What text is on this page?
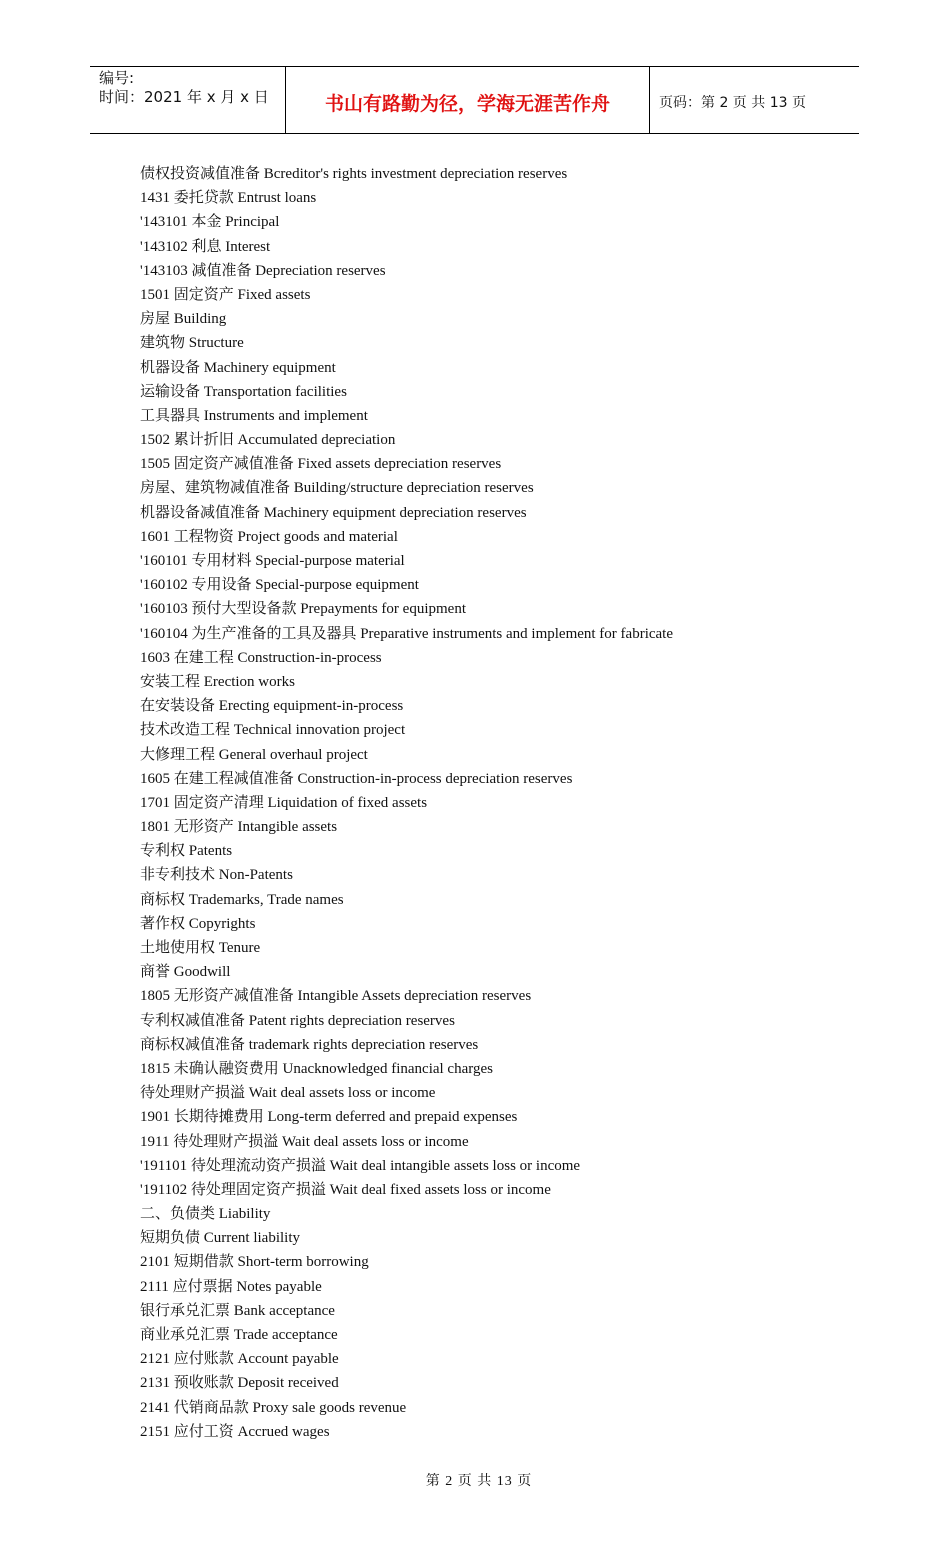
编号:
时间：2021 年 x 月 x 日	书山有路勤为径，学海无涯苦作舟	页码：第 2 页 共 13 页
债权投资减值准备 Bcreditor's rights investment depreciation reserves
1431 委托贷款 Entrust loans
'143101 本金 Principal
'143102 利息 Interest
'143103 减值准备 Depreciation reserves
1501 固定资产 Fixed assets
房屋 Building
建筑物 Structure
机器设备 Machinery equipment
运输设备 Transportation facilities
工具器具 Instruments and implement
1502 累计折旧 Accumulated depreciation
1505 固定资产减值准备 Fixed assets depreciation reserves
房屋、建筑物减值准备 Building/structure depreciation reserves
机器设备减值准备 Machinery equipment depreciation reserves
1601 工程物资 Project goods and material
'160101 专用材料 Special-purpose material
'160102 专用设备 Special-purpose equipment
'160103 预付大型设备款 Prepayments for equipment
'160104 为生产准备的工具及器具 Preparative instruments and implement for fabricate
1603 在建工程 Construction-in-process
安装工程 Erection works
在安装设备 Erecting equipment-in-process
技术改造工程 Technical innovation project
大修理工程 General overhaul project
1605 在建工程减值准备 Construction-in-process depreciation reserves
1701 固定资产清理 Liquidation of fixed assets
1801 无形资产 Intangible assets
专利权 Patents
非专利技术 Non-Patents
商标权 Trademarks, Trade names
著作权 Copyrights
土地使用权 Tenure
商誉 Goodwill
1805 无形资产减值准备 Intangible Assets depreciation reserves
专利权减值准备 Patent rights depreciation reserves
商标权减值准备 trademark rights depreciation reserves
1815 未确认融资费用 Unacknowledged financial charges
待处理财产损溢 Wait deal assets loss or income
1901 长期待摊费用 Long-term deferred and prepaid expenses
1911 待处理财产损溢 Wait deal assets loss or income
'191101 待处理流动资产损溢 Wait deal intangible assets loss or income
'191102 待处理固定资产损溢 Wait deal fixed assets loss or income
二、负债类 Liability
短期负债 Current liability
2101 短期借款 Short-term borrowing
2111 应付票据 Notes payable
银行承兑汇票 Bank acceptance
商业承兑汇票 Trade acceptance
2121 应付账款 Account payable
2131 预收账款 Deposit received
2141 代销商品款 Proxy sale goods revenue
2151 应付工资 Accrued wages
第 2 页 共 13 页
